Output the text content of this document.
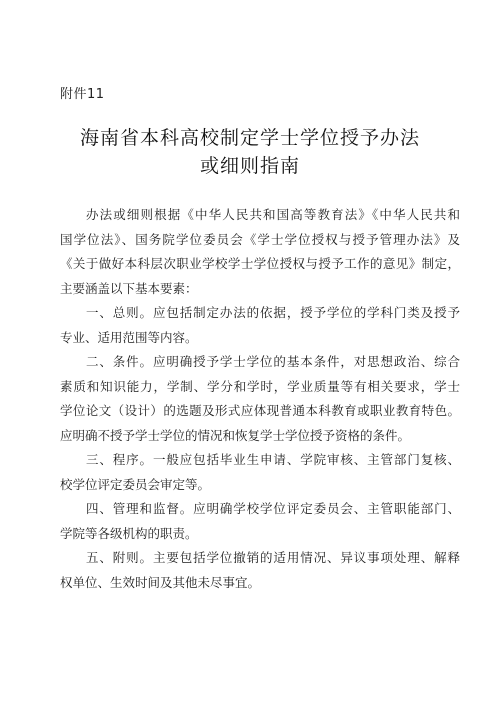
附件11
海南省本科高校制定学士学位授予办法
或细则指南
办法或细则根据《中华人民共和国高等教育法》《中华人民共和
国学位法》、国务院学位委员会《学士学位授权与授予管理办法》及
《关于做好本科层次职业学校学士学位授权与授予工作的意见》制定，
主要涵盖以下基本要素：
一、总则。应包括制定办法的依据，授予学位的学科门类及授予
专业、适用范围等内容。
二、条件。应明确授予学士学位的基本条件，对思想政治、综合
素质和知识能力，学制、学分和学时，学业质量等有相关要求，学士
学位论文（设计）的选题及形式应体现普通本科教育或职业教育特色。
应明确不授予学士学位的情况和恢复学士学位授予资格的条件。
三、程序。一般应包括毕业生申请、学院审核、主管部门复核、
校学位评定委员会审定等。
四、管理和监督。应明确学校学位评定委员会、主管职能部门、
学院等各级机构的职责。
五、附则。主要包括学位撤销的适用情况、异议事项处理、解释
权单位、生效时间及其他未尽事宜。
